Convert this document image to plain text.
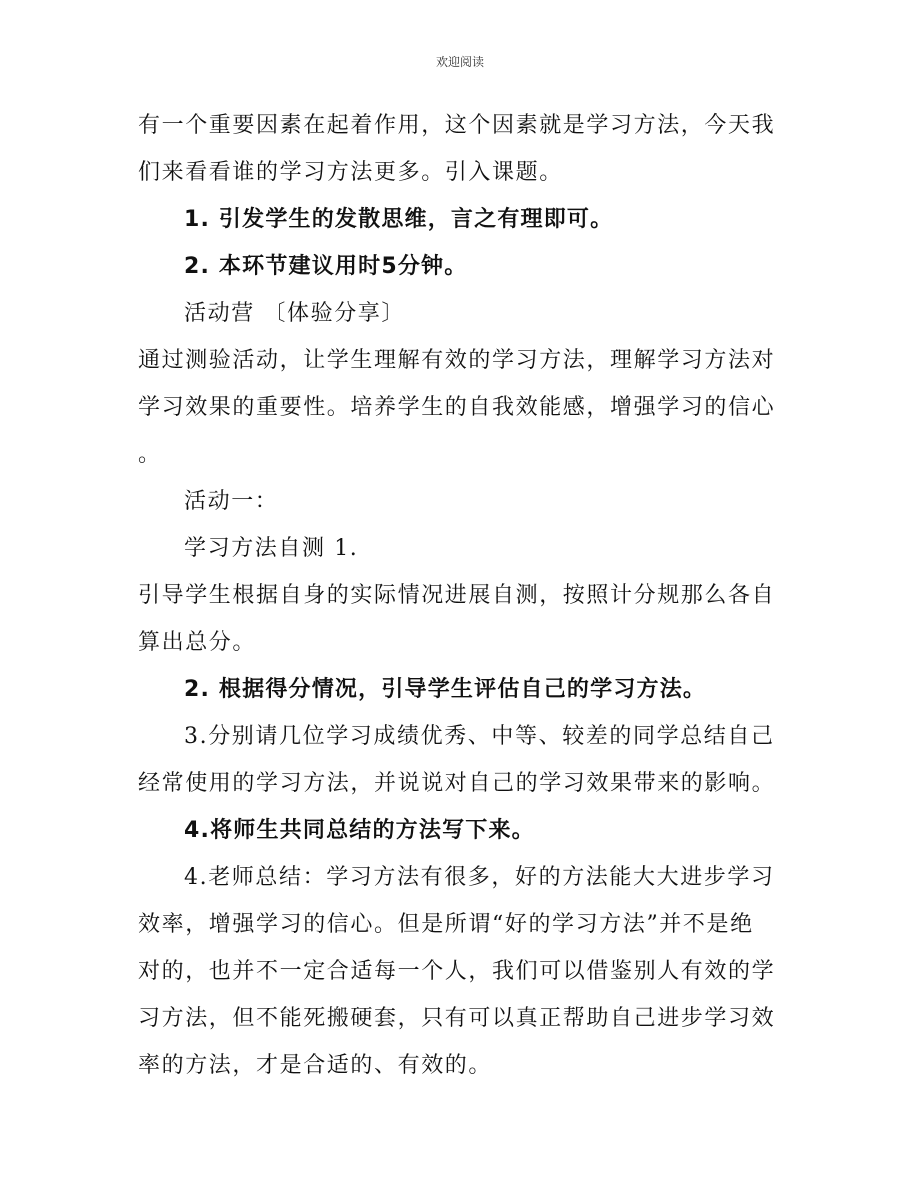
欢迎阅读

有一个重要因素在起着作用，这个因素就是学习方法，今天我

们来看看谁的学习方法更多。引入课题。

1. 引发学生的发散思维，言之有理即可。

2. 本环节建议用时5分钟。

活动营 〔体验分享〕

通过测验活动，让学生理解有效的学习方法，理解学习方法对

学习效果的重要性。培养学生的自我效能感，增强学习的信心

。

活动一：

学习方法自测 1.

引导学生根据自身的实际情况进展自测，按照计分规那么各自

算出总分。

2. 根据得分情况，引导学生评估自己的学习方法。

3.分别请几位学习成绩优秀、中等、较差的同学总结自己

经常使用的学习方法，并说说对自己的学习效果带来的影响。

4.将师生共同总结的方法写下来。

4.老师总结：学习方法有很多，好的方法能大大进步学习

效率，增强学习的信心。但是所谓“好的学习方法”并不是绝

对的，也并不一定合适每一个人，我们可以借鉴别人有效的学

习方法，但不能死搬硬套，只有可以真正帮助自己进步学习效

率的方法，才是合适的、有效的。
